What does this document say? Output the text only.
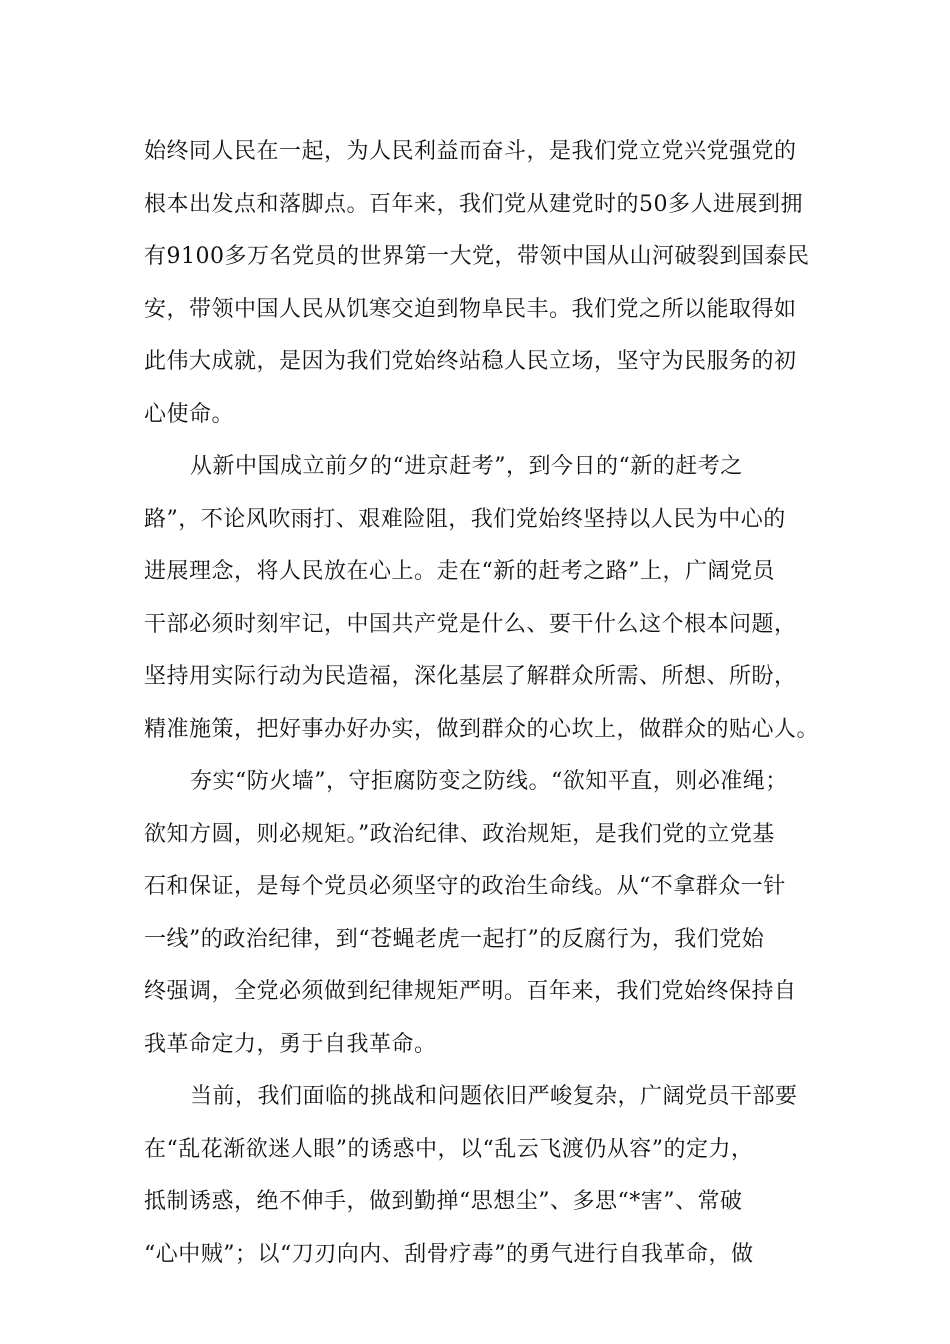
始终同人民在一起，为人民利益而奋斗，是我们党立党兴党强党的
根本出发点和落脚点。百年来，我们党从建党时的50多人进展到拥
有9100多万名党员的世界第一大党，带领中国从山河破裂到国泰民
安，带领中国人民从饥寒交迫到物阜民丰。我们党之所以能取得如
此伟大成就，是因为我们党始终站稳人民立场，坚守为民服务的初
心使命。
从新中国成立前夕的“进京赶考”，到今日的“新的赶考之
路”，不论风吹雨打、艰难险阻，我们党始终坚持以人民为中心的
进展理念，将人民放在心上。走在“新的赶考之路”上，广阔党员
干部必须时刻牢记，中国共产党是什么、要干什么这个根本问题，
坚持用实际行动为民造福，深化基层了解群众所需、所想、所盼，
精准施策，把好事办好办实，做到群众的心坎上，做群众的贴心人。
夯实“防火墙”，守拒腐防变之防线。“欲知平直，则必准绳；
欲知方圆，则必规矩。”政治纪律、政治规矩，是我们党的立党基
石和保证，是每个党员必须坚守的政治生命线。从“不拿群众一针
一线”的政治纪律，到“苍蝇老虎一起打”的反腐行为，我们党始
终强调，全党必须做到纪律规矩严明。百年来，我们党始终保持自
我革命定力，勇于自我革命。
当前，我们面临的挑战和问题依旧严峻复杂，广阔党员干部要
在“乱花渐欲迷人眼”的诱惑中，以“乱云飞渡仍从容”的定力，
抵制诱惑，绝不伸手，做到勤掸“思想尘”、多思“*害”、常破
“心中贼”；以“刀刃向内、刮骨疗毒”的勇气进行自我革命，做
